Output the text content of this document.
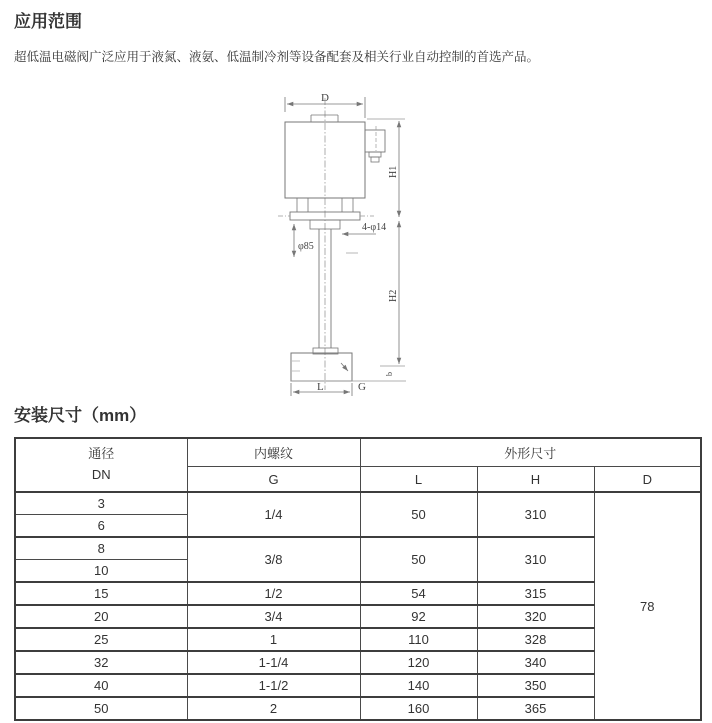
应用范围

超低温电磁阀广泛应用于液氮、液氨、低温制冷剂等设备配套及相关行业自动控制的首选产品。

D
φ85
4-φ14
L	G
H1
H2
b
安装尺寸（mm）
通径
DN	内螺纹	外形尺寸		
	G	L	H	D
3	1/4	50	310	78
6				
8	3/8	50	310	
10				
15	1/2	54	315	
20	3/4	92	320	
25	1	110	328	
32	1-1/4	120	340	
40	1-1/2	140	350	
50	2	160	365	
